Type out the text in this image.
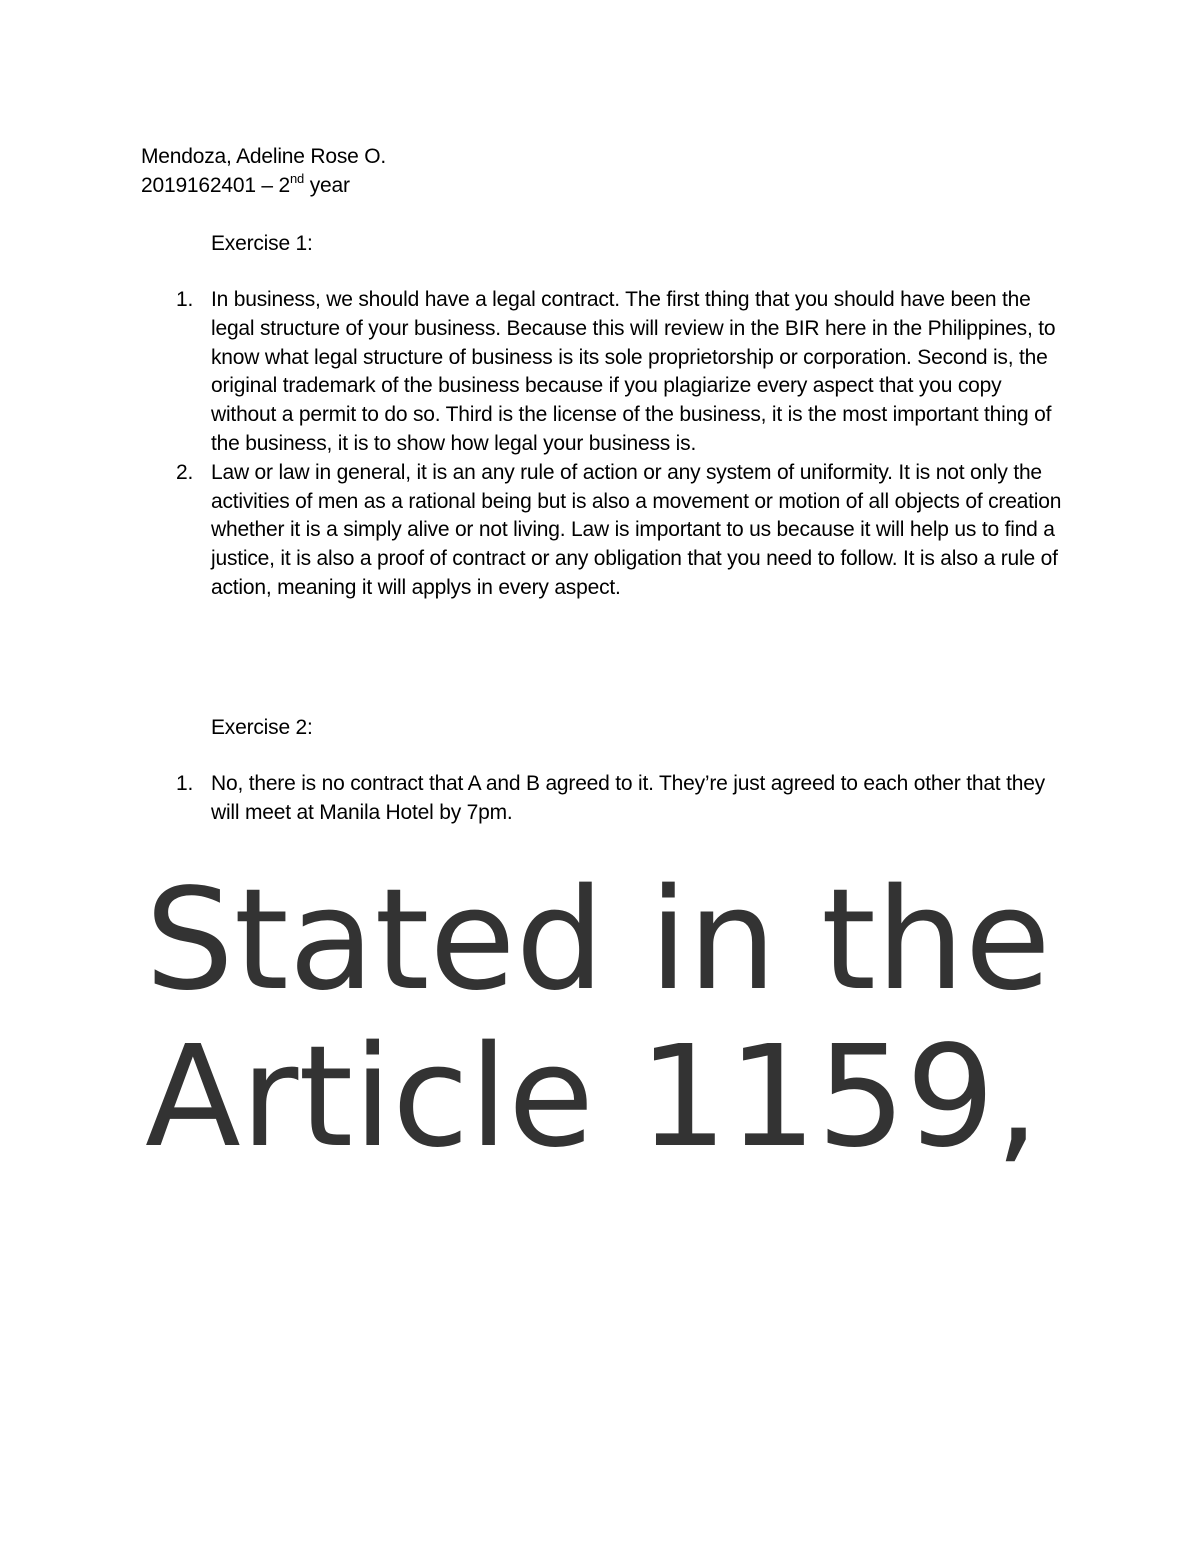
Mendoza, Adeline Rose O.
2019162401 – 2nd year
Exercise 1:
1. In business, we should have a legal contract. The first thing that you should have been the legal structure of your business. Because this will review in the BIR here in the Philippines, to know what legal structure of business is its sole proprietorship or corporation. Second is, the original trademark of the business because if you plagiarize every aspect that you copy without a permit to do so. Third is the license of the business, it is the most important thing of the business, it is to show how legal your business is.
2. Law or law in general, it is an any rule of action or any system of uniformity. It is not only the activities of men as a rational being but is also a movement or motion of all objects of creation whether it is a simply alive or not living. Law is important to us because it will help us to find a justice, it is also a proof of contract or any obligation that you need to follow. It is also a rule of action, meaning it will applys in every aspect.
Exercise 2:
1. No, there is no contract that A and B agreed to it. They’re just agreed to each other that they will meet at Manila Hotel by 7pm.
Stated in the Article 1159,
